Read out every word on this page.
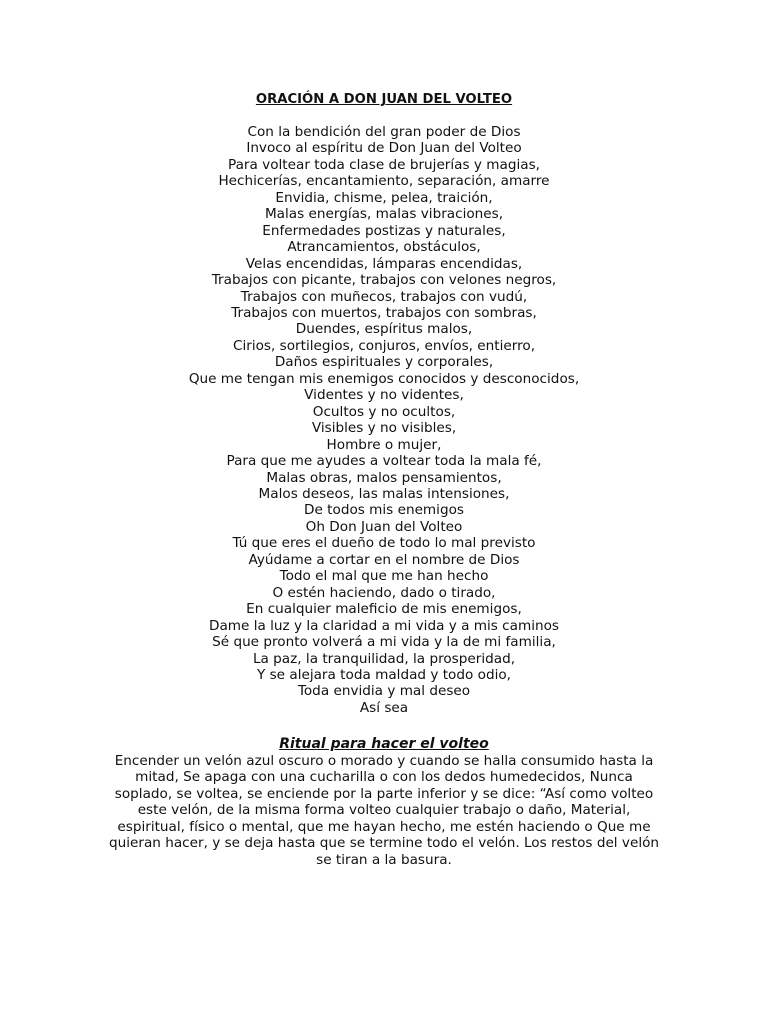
ORACIÓN A DON JUAN DEL VOLTEO
Con la bendición del gran poder de Dios
Invoco al espíritu de Don Juan del Volteo
Para voltear toda clase de brujerías y magias,
Hechicerías, encantamiento, separación, amarre
Envidia, chisme, pelea, traición,
Malas energías, malas vibraciones,
Enfermedades postizas y naturales,
Atrancamientos, obstáculos,
Velas encendidas, lámparas encendidas,
Trabajos con picante, trabajos con velones negros,
Trabajos con muñecos, trabajos con vudú,
Trabajos con muertos, trabajos con sombras,
Duendes, espíritus malos,
Cirios, sortilegios, conjuros, envíos, entierro,
Daños espirituales y corporales,
Que me tengan mis enemigos conocidos y desconocidos,
Videntes y no videntes,
Ocultos y no ocultos,
Visibles y no visibles,
Hombre o mujer,
Para que me ayudes a voltear toda la mala fé,
Malas obras, malos pensamientos,
Malos deseos, las malas intensiones,
De todos mis enemigos
Oh Don Juan del Volteo
Tú que eres el dueño de todo lo mal previsto
Ayúdame a cortar en el nombre de Dios
Todo el mal que me han hecho
O estén haciendo, dado o tirado,
En cualquier maleficio de mis enemigos,
Dame la luz y la claridad a mi vida y a mis caminos
Sé que pronto volverá a mi vida y la de mi familia,
La paz, la tranquilidad, la prosperidad,
Y se alejara toda maldad y todo odio,
Toda envidia y mal deseo
Así sea
Ritual para hacer el volteo
Encender un velón azul oscuro o morado y cuando se halla consumido hasta la mitad, Se apaga con una cucharilla o con los dedos humedecidos, Nunca soplado, se voltea, se enciende por la parte inferior y se dice: “Así como volteo este velón, de la misma forma volteo cualquier trabajo o daño, Material, espiritual, físico o mental, que me hayan hecho, me estén haciendo o Que me quieran hacer, y se deja hasta que se termine todo el velón. Los restos del velón se tiran a la basura.
